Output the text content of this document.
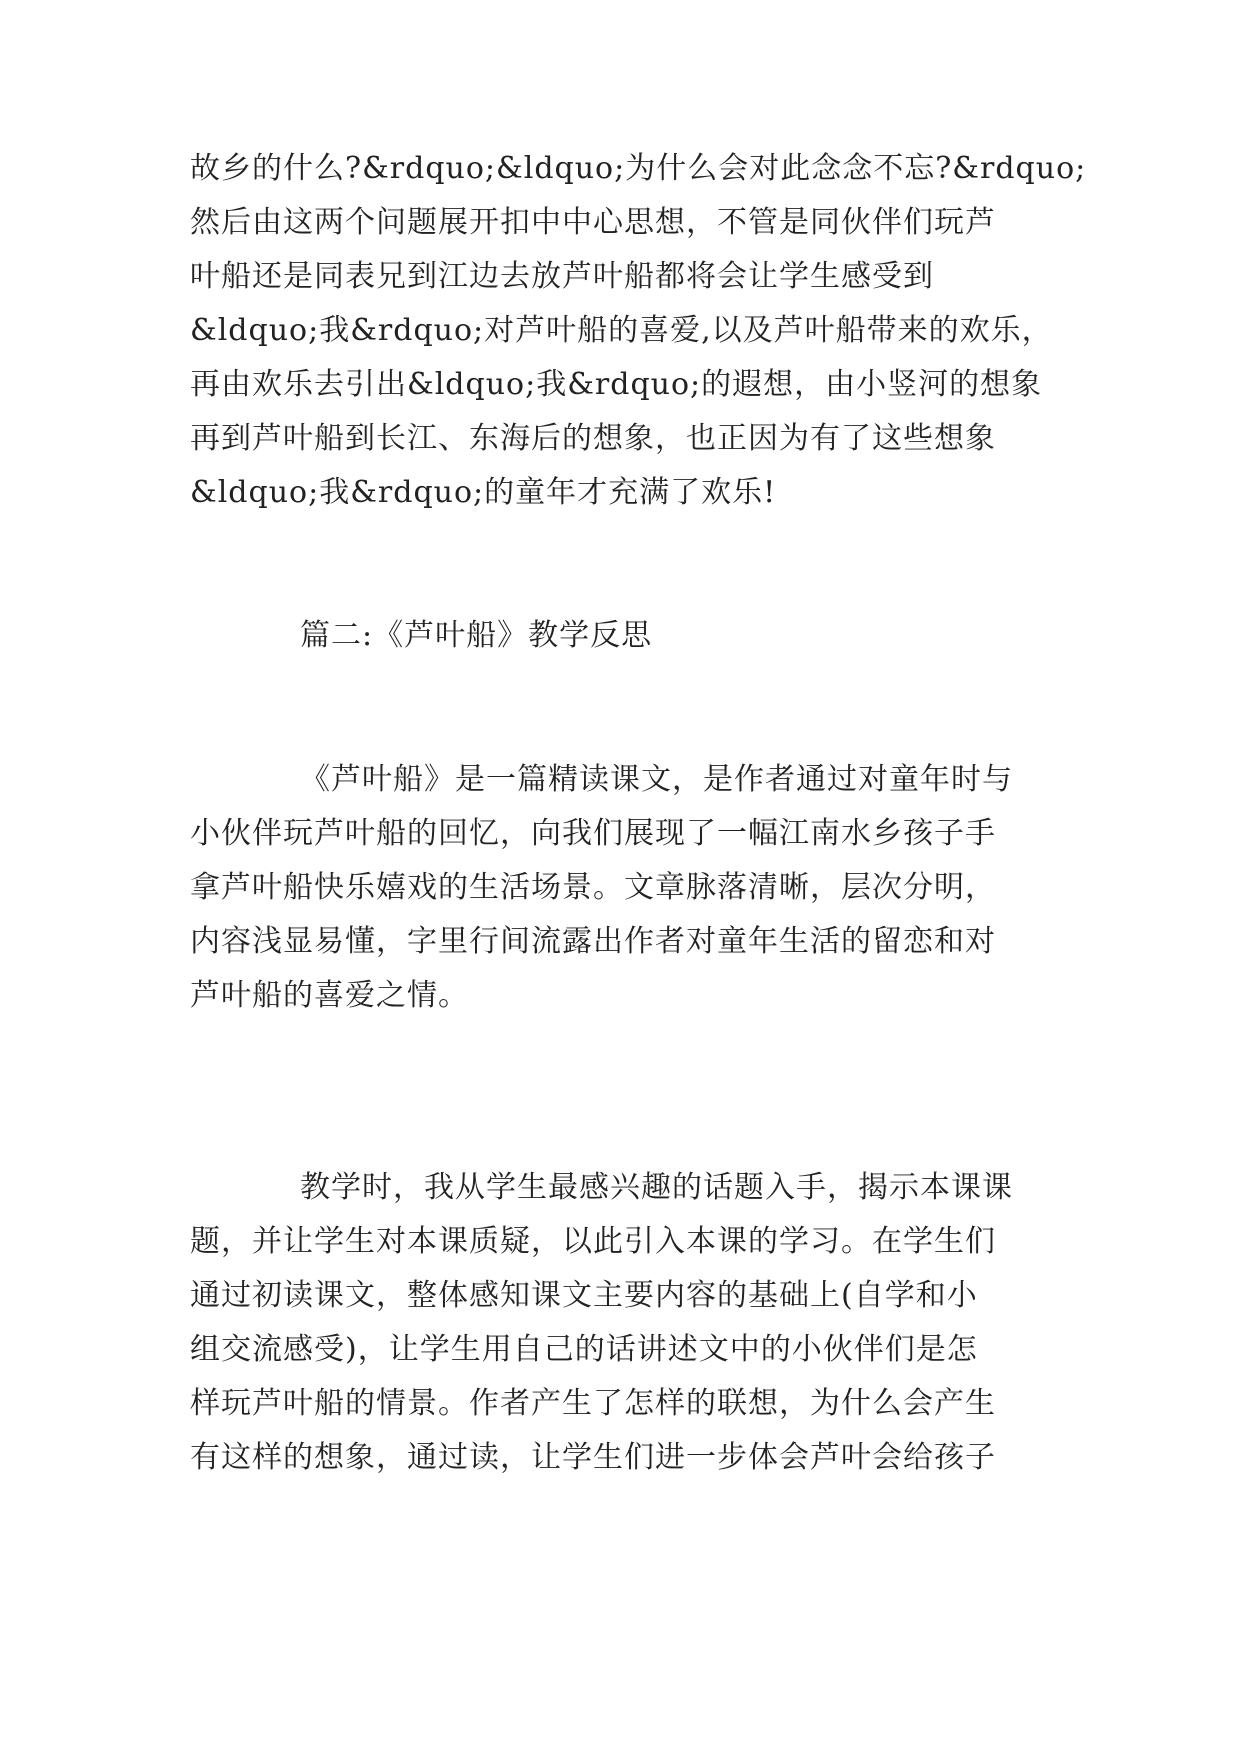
故乡的什么?&rdquo;&ldquo;为什么会对此念念不忘?&rdquo;
然后由这两个问题展开扣中中心思想，不管是同伙伴们玩芦
叶船还是同表兄到江边去放芦叶船都将会让学生感受到
&ldquo;我&rdquo;对芦叶船的喜爱,以及芦叶船带来的欢乐，
再由欢乐去引出&ldquo;我&rdquo;的遐想，由小竖河的想象
再到芦叶船到长江、东海后的想象，也正因为有了这些想象
&ldquo;我&rdquo;的童年才充满了欢乐!
篇二:《芦叶船》教学反思
《芦叶船》是一篇精读课文，是作者通过对童年时与
小伙伴玩芦叶船的回忆，向我们展现了一幅江南水乡孩子手
拿芦叶船快乐嬉戏的生活场景。文章脉落清晰，层次分明，
内容浅显易懂，字里行间流露出作者对童年生活的留恋和对
芦叶船的喜爱之情。
教学时，我从学生最感兴趣的话题入手，揭示本课课
题，并让学生对本课质疑，以此引入本课的学习。在学生们
通过初读课文，整体感知课文主要内容的基础上(自学和小
组交流感受)，让学生用自己的话讲述文中的小伙伴们是怎
样玩芦叶船的情景。作者产生了怎样的联想，为什么会产生
有这样的想象，通过读，让学生们进一步体会芦叶会给孩子
